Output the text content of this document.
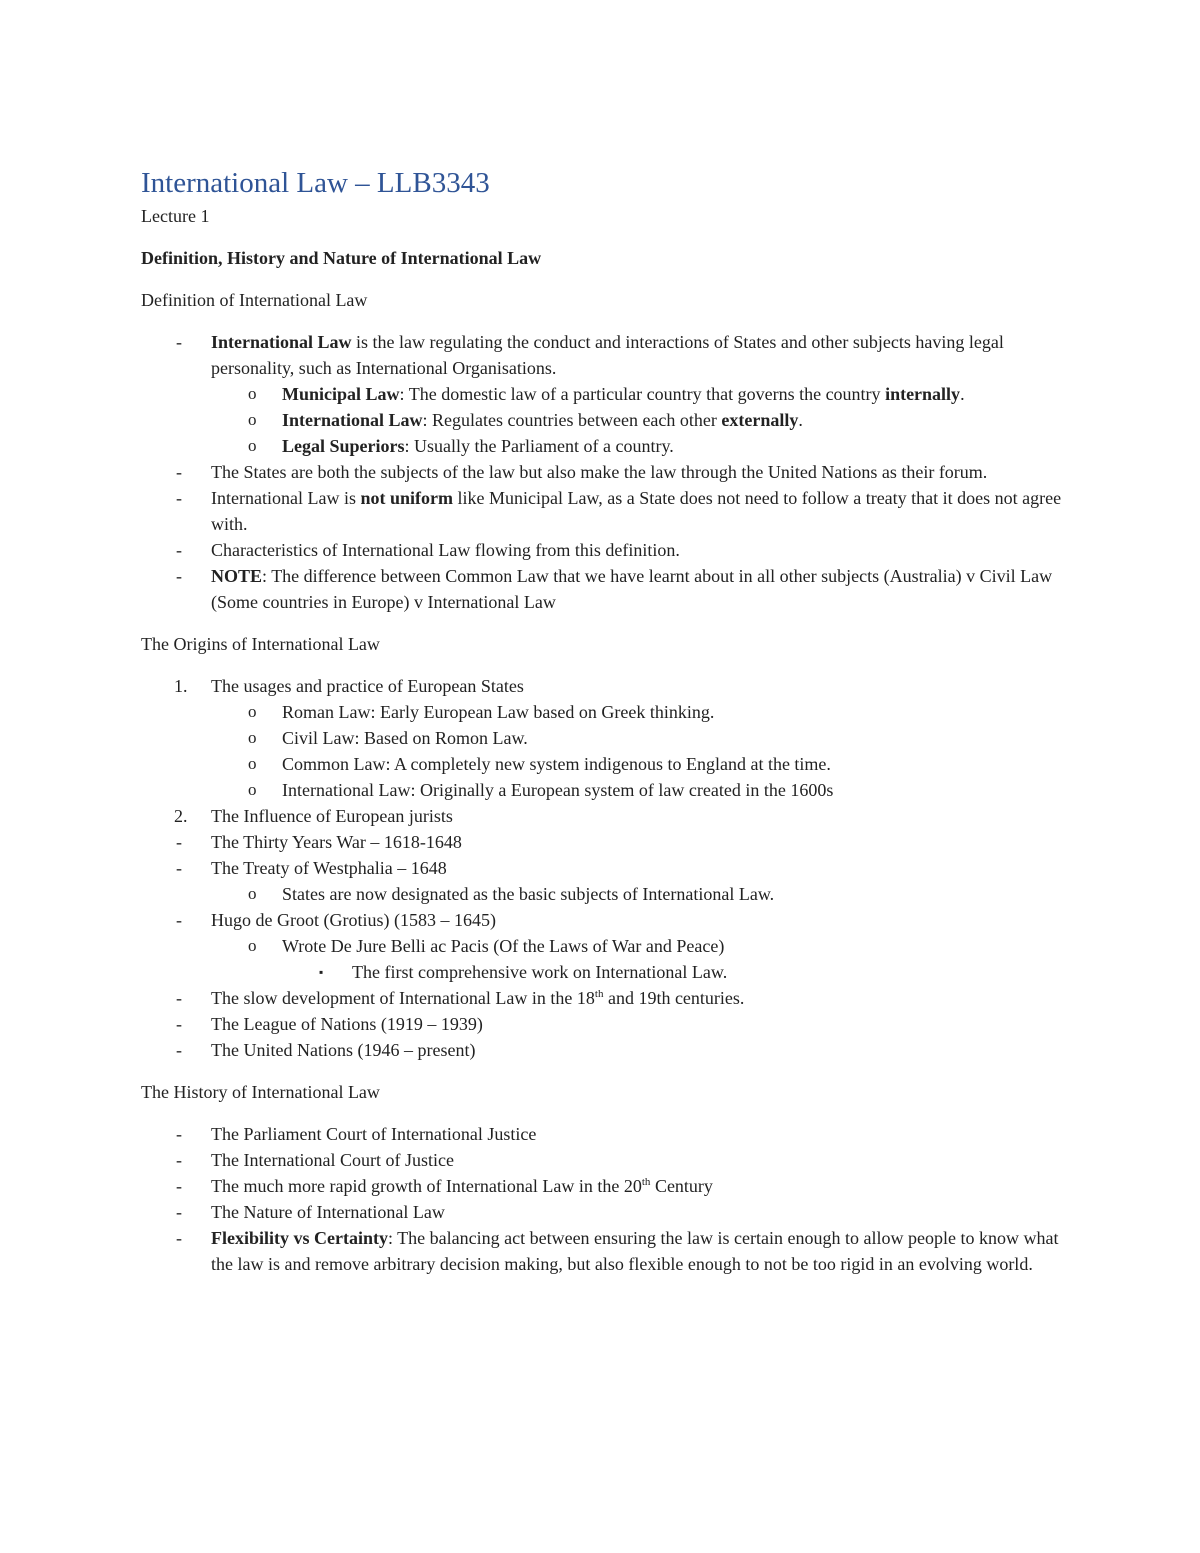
International Law – LLB3343

Lecture 1

Definition, History and Nature of International Law

Definition of International Law

- International Law is the law regulating the conduct and interactions of States and other subjects having legal personality, such as International Organisations.
o Municipal Law: The domestic law of a particular country that governs the country internally.
o International Law: Regulates countries between each other externally.
o Legal Superiors: Usually the Parliament of a country.
- The States are both the subjects of the law but also make the law through the United Nations as their forum.
- International Law is not uniform like Municipal Law, as a State does not need to follow a treaty that it does not agree with.
- Characteristics of International Law flowing from this definition.
- NOTE: The difference between Common Law that we have learnt about in all other subjects (Australia) v Civil Law (Some countries in Europe) v International Law

The Origins of International Law

1. The usages and practice of European States
o Roman Law: Early European Law based on Greek thinking.
o Civil Law: Based on Romon Law.
o Common Law: A completely new system indigenous to England at the time.
o International Law: Originally a European system of law created in the 1600s
2. The Influence of European jurists
- The Thirty Years War – 1618-1648
- The Treaty of Westphalia – 1648
o States are now designated as the basic subjects of International Law.
- Hugo de Groot (Grotius) (1583 – 1645)
o Wrote De Jure Belli ac Pacis (Of the Laws of War and Peace)
▪ The first comprehensive work on International Law.
- The slow development of International Law in the 18th and 19th centuries.
- The League of Nations (1919 – 1939)
- The United Nations (1946 – present)

The History of International Law

- The Parliament Court of International Justice
- The International Court of Justice
- The much more rapid growth of International Law in the 20th Century
- The Nature of International Law
- Flexibility vs Certainty: The balancing act between ensuring the law is certain enough to allow people to know what the law is and remove arbitrary decision making, but also flexible enough to not be too rigid in an evolving world.
